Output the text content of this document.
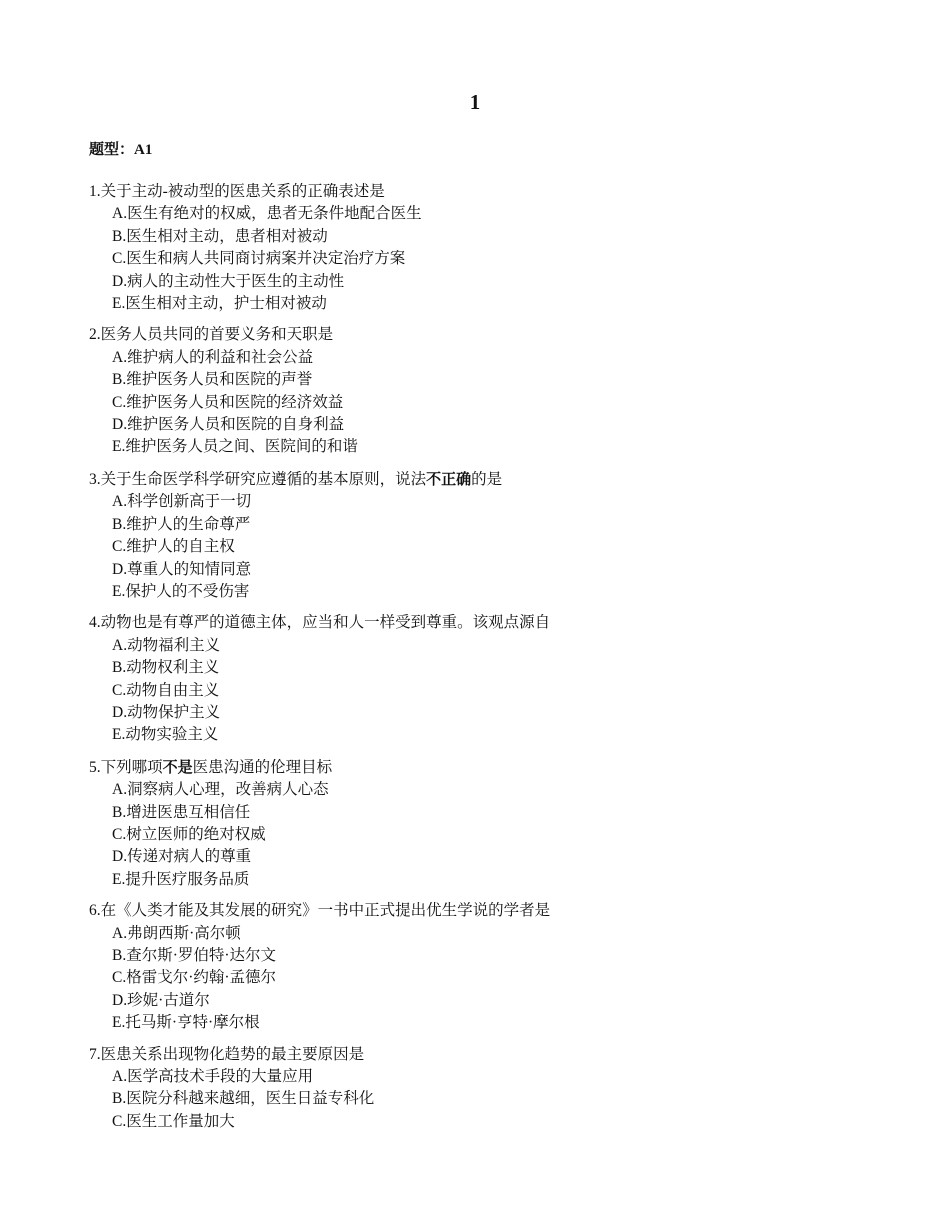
1
题型：A1
1.关于主动-被动型的医患关系的正确表述是
A.医生有绝对的权威，患者无条件地配合医生
B.医生相对主动，患者相对被动
C.医生和病人共同商讨病案并决定治疗方案
D.病人的主动性大于医生的主动性
E.医生相对主动，护士相对被动
2.医务人员共同的首要义务和天职是
A.维护病人的利益和社会公益
B.维护医务人员和医院的声誉
C.维护医务人员和医院的经济效益
D.维护医务人员和医院的自身利益
E.维护医务人员之间、医院间的和谐
3.关于生命医学科学研究应遵循的基本原则，说法不正确的是
A.科学创新高于一切
B.维护人的生命尊严
C.维护人的自主权
D.尊重人的知情同意
E.保护人的不受伤害
4.动物也是有尊严的道德主体，应当和人一样受到尊重。该观点源自
A.动物福利主义
B.动物权利主义
C.动物自由主义
D.动物保护主义
E.动物实验主义
5.下列哪项不是医患沟通的伦理目标
A.洞察病人心理，改善病人心态
B.增进医患互相信任
C.树立医师的绝对权威
D.传递对病人的尊重
E.提升医疗服务品质
6.在《人类才能及其发展的研究》一书中正式提出优生学说的学者是
A.弗朗西斯·高尔顿
B.查尔斯·罗伯特·达尔文
C.格雷戈尔·约翰·孟德尔
D.珍妮·古道尔
E.托马斯·亨特·摩尔根
7.医患关系出现物化趋势的最主要原因是
A.医学高技术手段的大量应用
B.医院分科越来越细，医生日益专科化
C.医生工作量加大
